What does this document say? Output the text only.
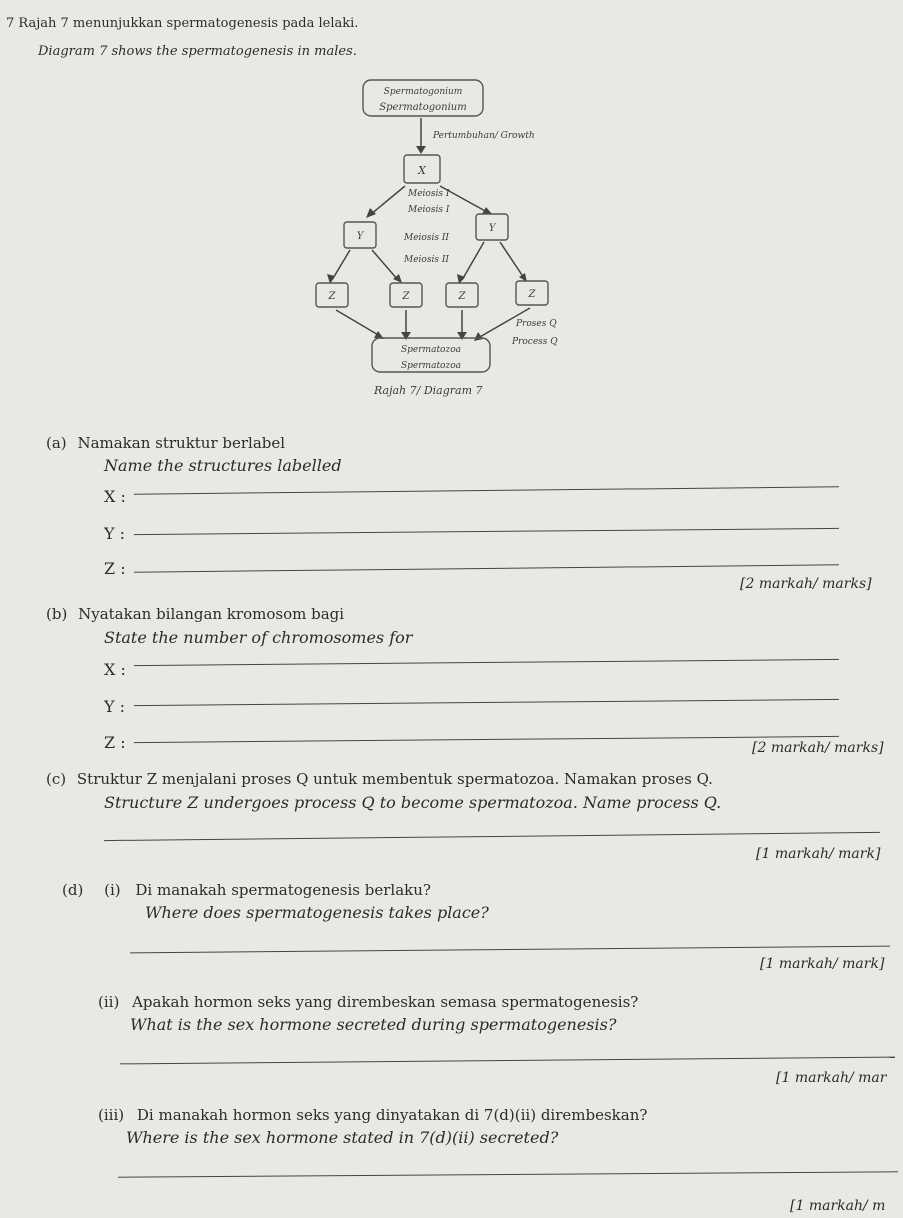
7 Rajah 7 menunjukkan spermatogenesis pada lelaki.
Diagram 7 shows the spermatogenesis in males.
Spermatogonium
Spermatogonium
Pertumbuhan/ Growth
X
Meiosis I
Meiosis I
Y
Y
Meiosis II
Meiosis II
Z	Z	Z	Z
Proses Q
Process Q
Spermatozoa
Spermatozoa
Rajah 7/ Diagram 7
(a) Namakan struktur berlabel
Name the structures labelled
X :
Y :
Z :
[2 markah/ marks]
(b) Nyatakan bilangan kromosom bagi
State the number of chromosomes for
X :
Y :
Z :	[2 markah/ marks]
(c) Struktur Z menjalani proses Q untuk membentuk spermatozoa. Namakan proses Q.
Structure Z undergoes process Q to become spermatozoa. Name process Q.
[1 markah/ mark]
(d) (i) Di manakah spermatogenesis berlaku?
Where does spermatogenesis takes place?
[1 markah/ mark]
(ii) Apakah hormon seks yang dirembeskan semasa spermatogenesis?
What is the sex hormone secreted during spermatogenesis?
[1 markah/ mar
(iii) Di manakah hormon seks yang dinyatakan di 7(d)(ii) dirembeskan?
Where is the sex hormone stated in 7(d)(ii) secreted?
[1 markah/ m
